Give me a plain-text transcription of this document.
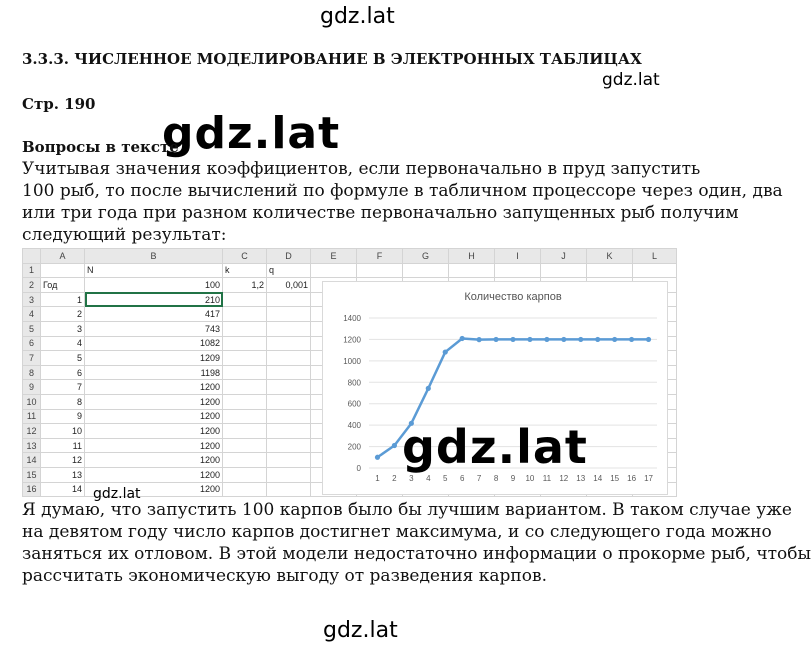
gdz.lat
gdz.lat
gdz.lat
3.3.3. ЧИСЛЕННОЕ МОДЕЛИРОВАНИЕ В ЭЛЕКТРОННЫХ ТАБЛИЦАХ
Стр. 190
Вопросы в тексте
Учитывая значения коэффициентов, если первоначально в пруд запустить
100 рыб, то после вычислений по формуле в табличном процессоре через один, два
или три года при разном количестве первоначально запущенных рыб получим
следующий результат:
	A	B	C	D	E	F	G	H	I	J	K	L
1		N	k	q								
2	Год	100	1,2	0,001								
3	1	210										
4	2	417										
5	3	743										
6	4	1082										
7	5	1209										
8	6	1198										
9	7	1200										
10	8	1200										
11	9	1200										
12	10	1200										
13	11	1200										
14	12	1200										
15	13	1200										
16	14	1200										
Количество карпов
0
200
400
600
800
1000
1200
1400
1 2 3 4 5 6 7 8 9 10 11 12 13 14 15 16 17
gdz.lat
gdz.lat
Я думаю, что запустить 100 карпов было бы лучшим вариантом. В таком случае уже
на девятом году число карпов достигнет максимума, и со следующего года можно
заняться их отловом. В этой модели недостаточно информации о прокорме рыб, чтобы
рассчитать экономическую выгоду от разведения карпов.
gdz.lat
